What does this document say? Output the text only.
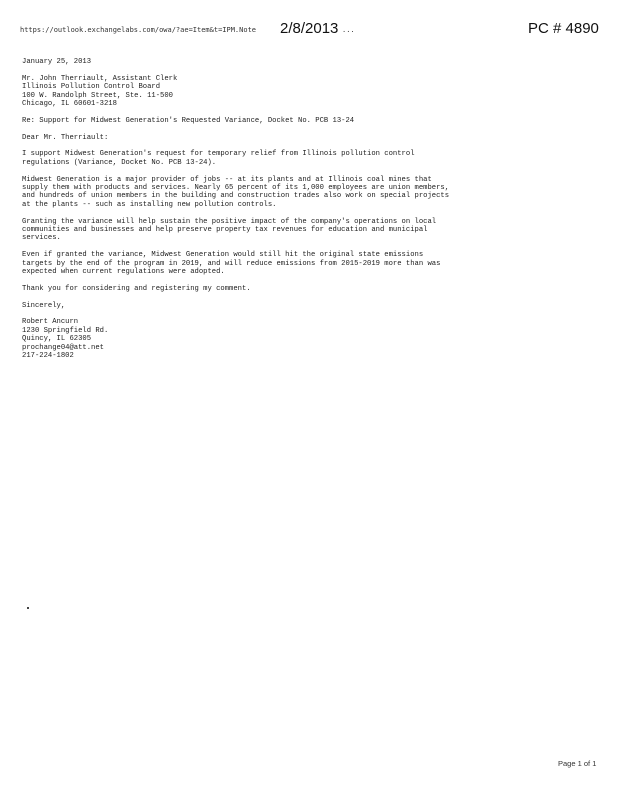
https://outlook.exchangelabs.com/owa/?ae=Item&t=IPM.Note 2/8/2013 ...	PC # 4890
January 25, 2013
Mr. John Therriault, Assistant Clerk
Illinois Pollution Control Board
100 W. Randolph Street, Ste. 11-500
Chicago, IL 60601-3218
Re: Support for Midwest Generation's Requested Variance, Docket No. PCB 13-24
Dear Mr. Therriault:
I support Midwest Generation's request for temporary relief from Illinois pollution control
regulations (Variance, Docket No. PCB 13-24).
Midwest Generation is a major provider of jobs -- at its plants and at Illinois coal mines that
supply them with products and services. Nearly 65 percent of its 1,000 employees are union members,
and hundreds of union members in the building and construction trades also work on special projects
at the plants -- such as installing new pollution controls.
Granting the variance will help sustain the positive impact of the company's operations on local
communities and businesses and help preserve property tax revenues for education and municipal
services.
Even if granted the variance, Midwest Generation would still hit the original state emissions
targets by the end of the program in 2019, and will reduce emissions from 2015-2019 more than was
expected when current regulations were adopted.
Thank you for considering and registering my comment.
Sincerely,
Robert Ancurn
1230 Springfield Rd.
Quincy, IL 62305
prochange04@att.net
217-224-1802
Page 1 of 1
